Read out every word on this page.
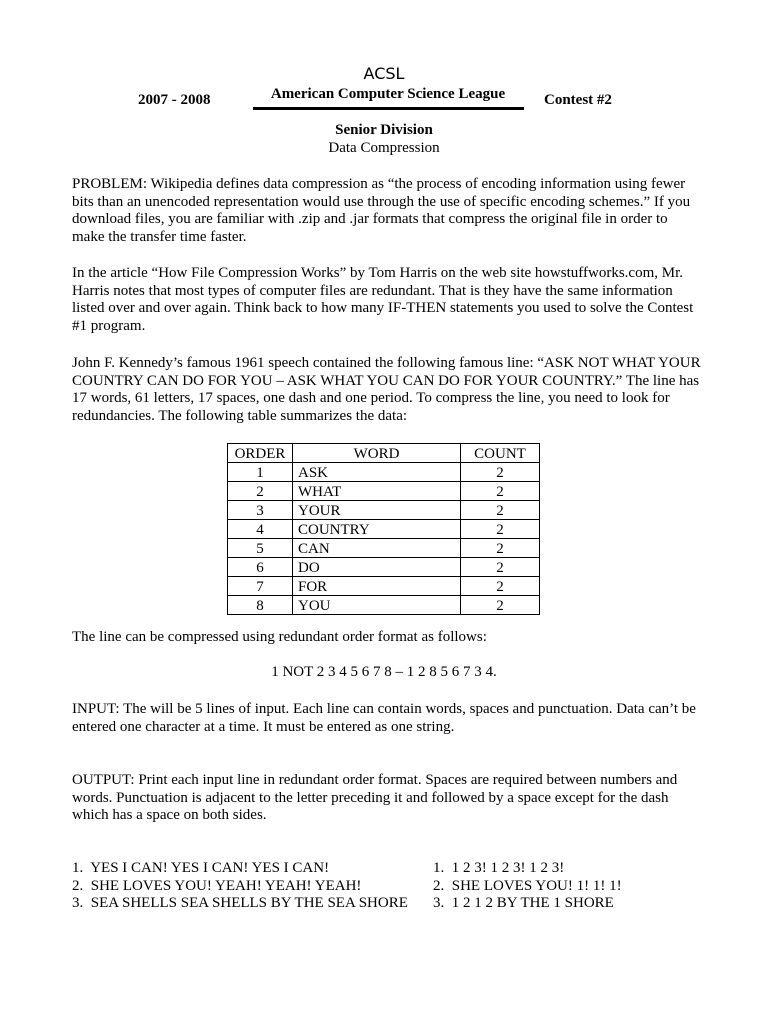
ACSL
2007 - 2008	American Computer Science League	Contest #2
Senior Division
Data Compression
PROBLEM: Wikipedia defines data compression as “the process of encoding information using fewer bits than an unencoded representation would use through the use of specific encoding schemes.” If you download files, you are familiar with .zip and .jar formats that compress the original file in order to make the transfer time faster.
In the article “How File Compression Works” by Tom Harris on the web site howstuffworks.com, Mr. Harris notes that most types of computer files are redundant. That is they have the same information listed over and over again. Think back to how many IF-THEN statements you used to solve the Contest #1 program.
John F. Kennedy’s famous 1961 speech contained the following famous line: “ASK NOT WHAT YOUR COUNTRY CAN DO FOR YOU – ASK WHAT YOU CAN DO FOR YOUR COUNTRY.” The line has 17 words, 61 letters, 17 spaces, one dash and one period. To compress the line, you need to look for redundancies. The following table summarizes the data:
ORDER	WORD	COUNT
1	ASK	2
2	WHAT	2
3	YOUR	2
4	COUNTRY	2
5	CAN	2
6	DO	2
7	FOR	2
8	YOU	2
The line can be compressed using redundant order format as follows:
1 NOT 2 3 4 5 6 7 8 – 1 2 8 5 6 7 3 4.
INPUT: The will be 5 lines of input. Each line can contain words, spaces and punctuation. Data can’t be entered one character at a time. It must be entered as one string.
OUTPUT: Print each input line in redundant order format. Spaces are required between numbers and words. Punctuation is adjacent to the letter preceding it and followed by a space except for the dash which has a space on both sides.
1.  YES I CAN! YES I CAN! YES I CAN!
2.  SHE LOVES YOU! YEAH! YEAH! YEAH!
3.  SEA SHELLS SEA SHELLS BY THE SEA SHORE
1.  1 2 3! 1 2 3! 1 2 3!
2.  SHE LOVES YOU! 1! 1! 1!
3.  1 2 1 2 BY THE 1 SHORE
